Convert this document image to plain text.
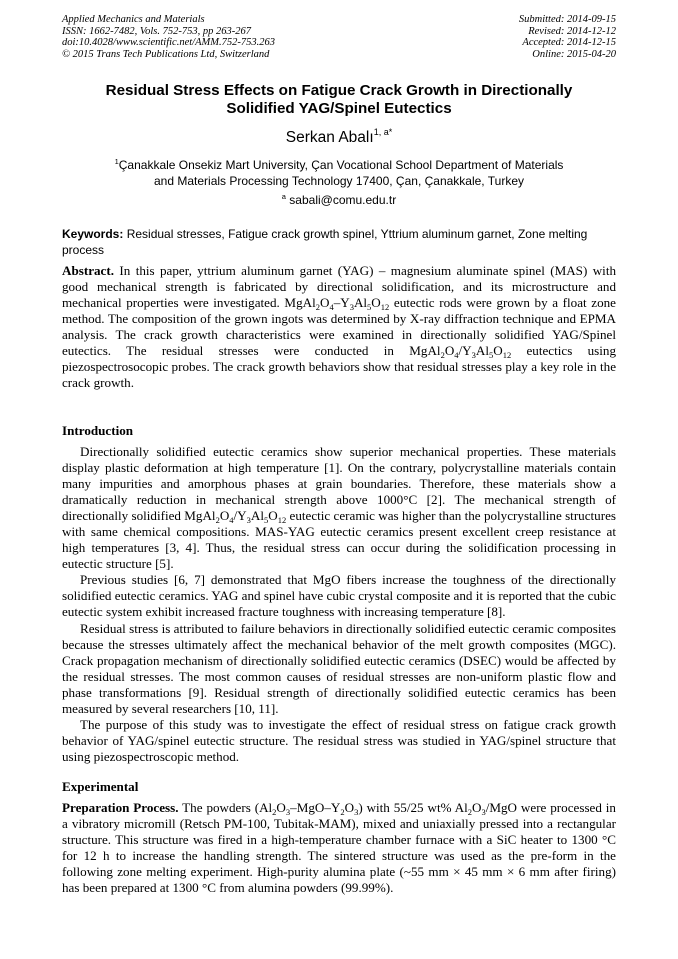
Applied Mechanics and Materials
ISSN: 1662-7482, Vols. 752-753, pp 263-267
doi:10.4028/www.scientific.net/AMM.752-753.263
© 2015 Trans Tech Publications Ltd, Switzerland
Submitted: 2014-09-15
Revised: 2014-12-12
Accepted: 2014-12-15
Online: 2015-04-20
Residual Stress Effects on Fatigue Crack Growth in Directionally
Solidified YAG/Spinel Eutectics
Serkan Abalı$^{1, a*}$
$^1$Çanakkale Onsekiz Mart University, Çan Vocational School Department of Materials
and Materials Processing Technology 17400, Çan, Çanakkale, Turkey
$^a$ sabali@comu.edu.tr
Keywords: Residual stresses, Fatigue crack growth spinel, Yttrium aluminum garnet, Zone melting process
Abstract. In this paper, yttrium aluminum garnet (YAG) – magnesium aluminate spinel (MAS) with good mechanical strength is fabricated by directional solidification, and its microstructure and mechanical properties were investigated. $MgAl_2O_4-Y_3Al_5O_{12}$ eutectic rods were grown by a float zone method. The composition of the grown ingots was determined by X-ray diffraction technique and EPMA analysis. The crack growth characteristics were examined in directionally solidified YAG/Spinel eutectics. The residual stresses were conducted in $MgAl_2O_4/Y_3Al_5O_{12}$ eutectics using piezospectrosocopic probes. The crack growth behaviors show that residual stresses play a key role in the crack growth.
Introduction

Directionally solidified eutectic ceramics show superior mechanical properties. These materials display plastic deformation at high temperature [1]. On the contrary, polycrystalline materials contain many impurities and amorphous phases at grain boundaries. Therefore, these materials show a dramatically reduction in mechanical strength above 1000°C [2]. The mechanical strength of directionally solidified $MgAl_2O_4/Y_3Al_5O_{12}$ eutectic ceramic was higher than the polycrystalline structures with same chemical compositions. MAS-YAG eutectic ceramics present excellent creep resistance at high temperatures [3, 4]. Thus, the residual stress can occur during the solidification processing in eutectic structure [5].

Previous studies [6, 7] demonstrated that MgO fibers increase the toughness of the directionally solidified eutectic ceramics. YAG and spinel have cubic crystal composite and it is reported that the cubic eutectic system exhibit increased fracture toughness with increasing temperature [8].

Residual stress is attributed to failure behaviors in directionally solidified eutectic ceramic composites because the stresses ultimately affect the mechanical behavior of the melt growth composites (MGC). Crack propagation mechanism of directionally solidified eutectic ceramics (DSEC) would be affected by the residual stresses. The most common causes of residual stresses are non-uniform plastic flow and phase transformations [9]. Residual strength of directionally solidified eutectic ceramics has been measured by several researchers [10, 11].

The purpose of this study was to investigate the effect of residual stress on fatigue crack growth behavior of YAG/spinel eutectic structure. The residual stress was studied in YAG/spinel structure that using piezospectroscopic method.

Experimental

Preparation Process. The powders $(Al_2O_3-MgO-Y_2O_3)$ with 55/25 wt% $Al_2O_3$/MgO were processed in a vibratory micromill (Retsch PM-100, Tubitak-MAM), mixed and uniaxially pressed into a rectangular structure. This structure was fired in a high-temperature chamber furnace with a SiC heater to 1300 °C for 12 h to increase the handling strength. The sintered structure was used as the pre-form in the following zone melting experiment. High-purity alumina plate (~55 mm × 45 mm × 6 mm after firing) has been prepared at 1300 °C from alumina powders (99.99%).
